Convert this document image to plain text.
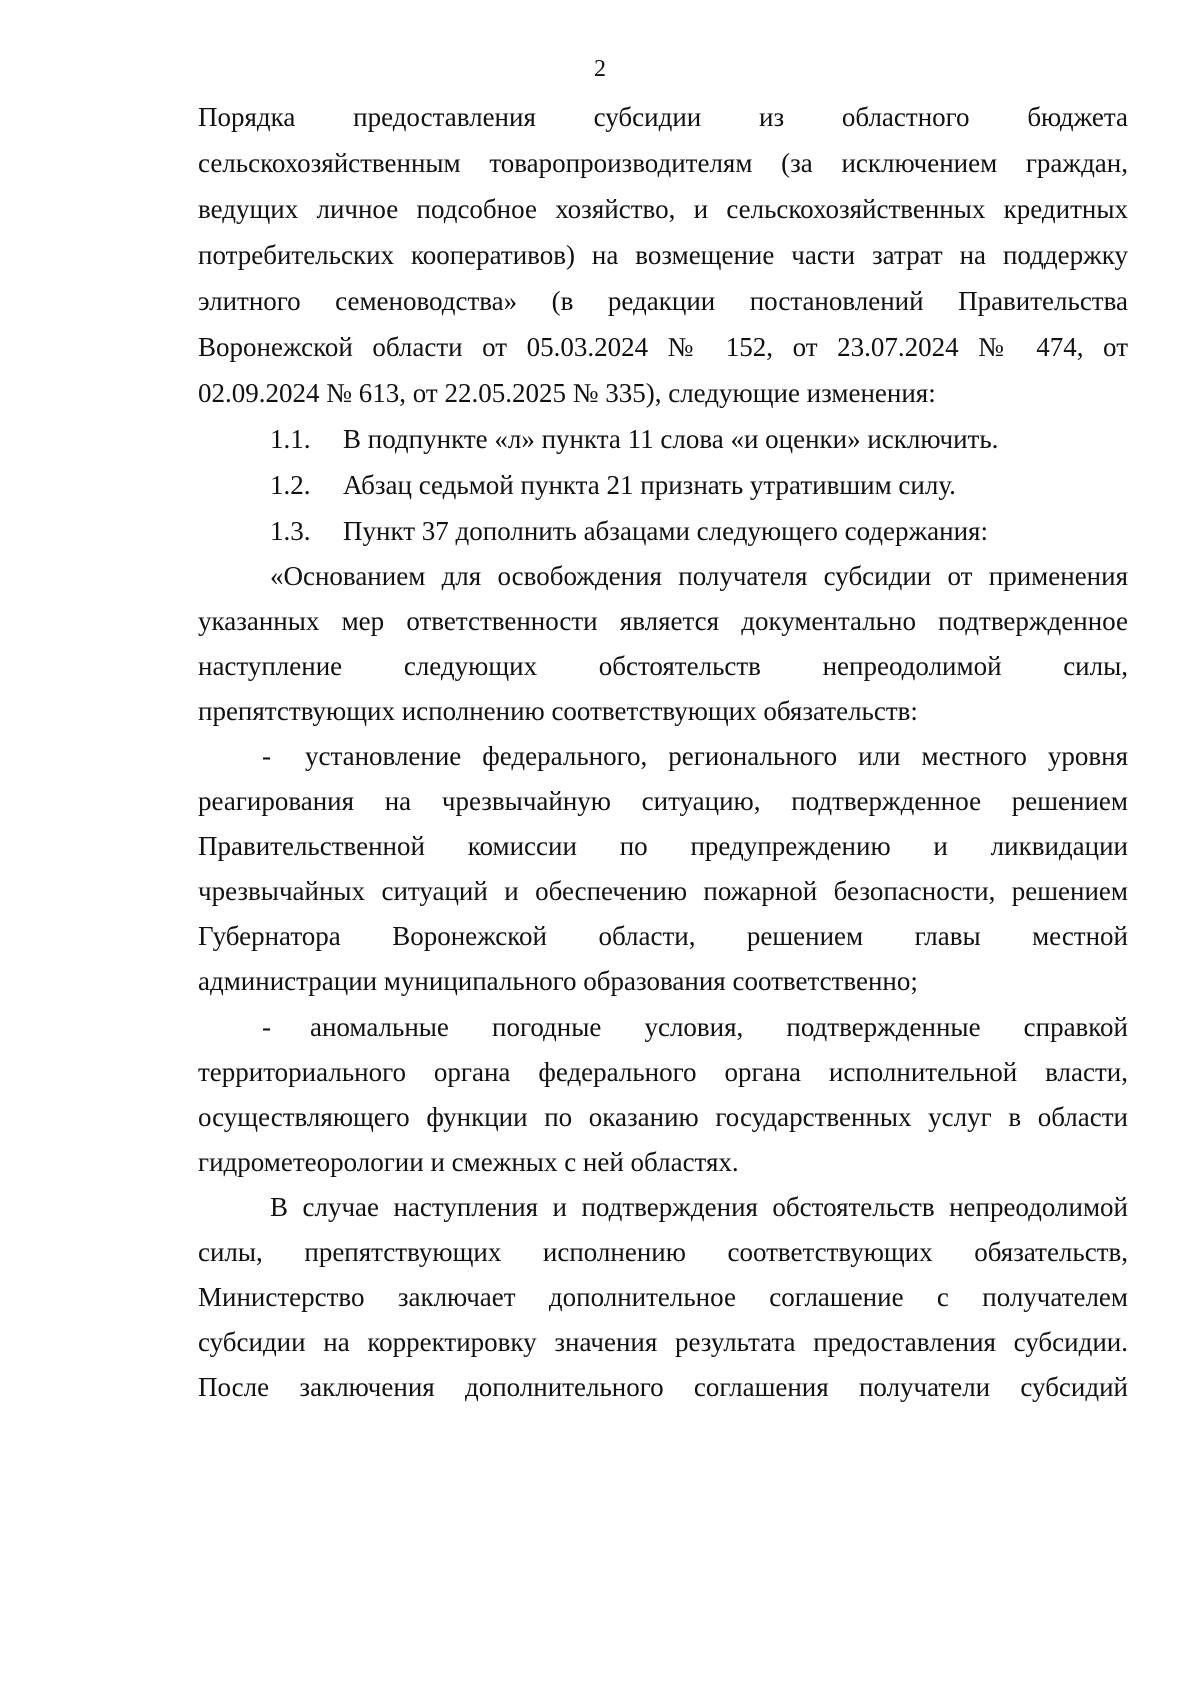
2
Порядка предоставления субсидии из областного бюджета
сельскохозяйственным товаропроизводителям (за исключением граждан,
ведущих личное подсобное хозяйство, и сельскохозяйственных кредитных
потребительских кооперативов) на возмещение части затрат на поддержку
элитного семеноводства» (в редакции постановлений Правительства
Воронежской области от 05.03.2024 № 152, от 23.07.2024 № 474, от
02.09.2024 № 613, от 22.05.2025 № 335), следующие изменения:
1.1. В подпункте «л» пункта 11 слова «и оценки» исключить.
1.2. Абзац седьмой пункта 21 признать утратившим силу.
1.3. Пункт 37 дополнить абзацами следующего содержания:
«Основанием для освобождения получателя субсидии от применения
указанных мер ответственности является документально подтвержденное
наступление следующих обстоятельств непреодолимой силы,
препятствующих исполнению соответствующих обязательств:
- установление федерального, регионального или местного уровня
реагирования на чрезвычайную ситуацию, подтвержденное решением
Правительственной комиссии по предупреждению и ликвидации
чрезвычайных ситуаций и обеспечению пожарной безопасности, решением
Губернатора Воронежской области, решением главы местной
администрации муниципального образования соответственно;
- аномальные погодные условия, подтвержденные справкой
территориального органа федерального органа исполнительной власти,
осуществляющего функции по оказанию государственных услуг в области
гидрометеорологии и смежных с ней областях.
В случае наступления и подтверждения обстоятельств непреодолимой
силы, препятствующих исполнению соответствующих обязательств,
Министерство заключает дополнительное соглашение с получателем
субсидии на корректировку значения результата предоставления субсидии.
После заключения дополнительного соглашения получатели субсидий
